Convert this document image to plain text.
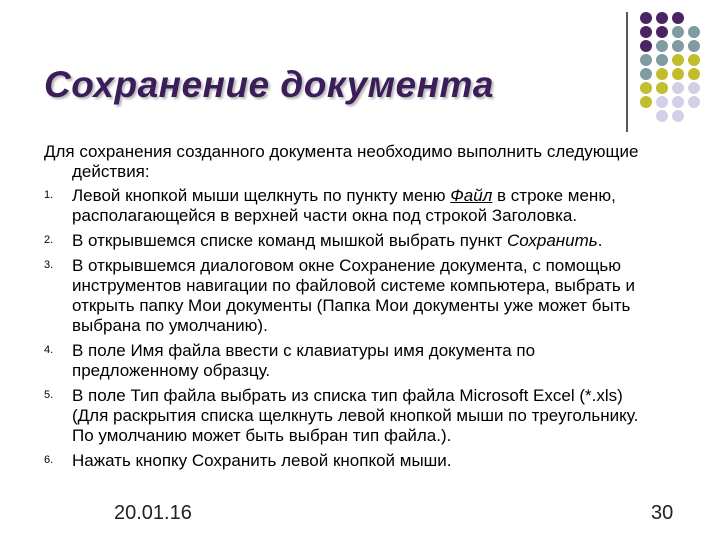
Сохранение документа

Для сохранения созданного документа необходимо выполнить следующие действия:

1. Левой кнопкой мыши щелкнуть по пункту меню Файл в строке меню, располагающейся в верхней части окна под строкой Заголовка.
2. В открывшемся списке команд мышкой выбрать пункт Сохранить.
3. В открывшемся диалоговом окне Сохранение документа, с помощью инструментов навигации по файловой системе компьютера, выбрать и открыть папку Мои документы (Папка Мои документы уже может быть выбрана по умолчанию).
4. В поле Имя файла ввести с клавиатуры имя документа по предложенному образцу.
5. В поле Тип файла выбрать из списка тип файла Microsoft Excel (*.xls) (Для раскрытия списка щелкнуть левой кнопкой мыши по треугольнику. По умолчанию может быть выбран тип файла.).
6. Нажать кнопку Сохранить левой кнопкой мыши.
20.01.16	30
